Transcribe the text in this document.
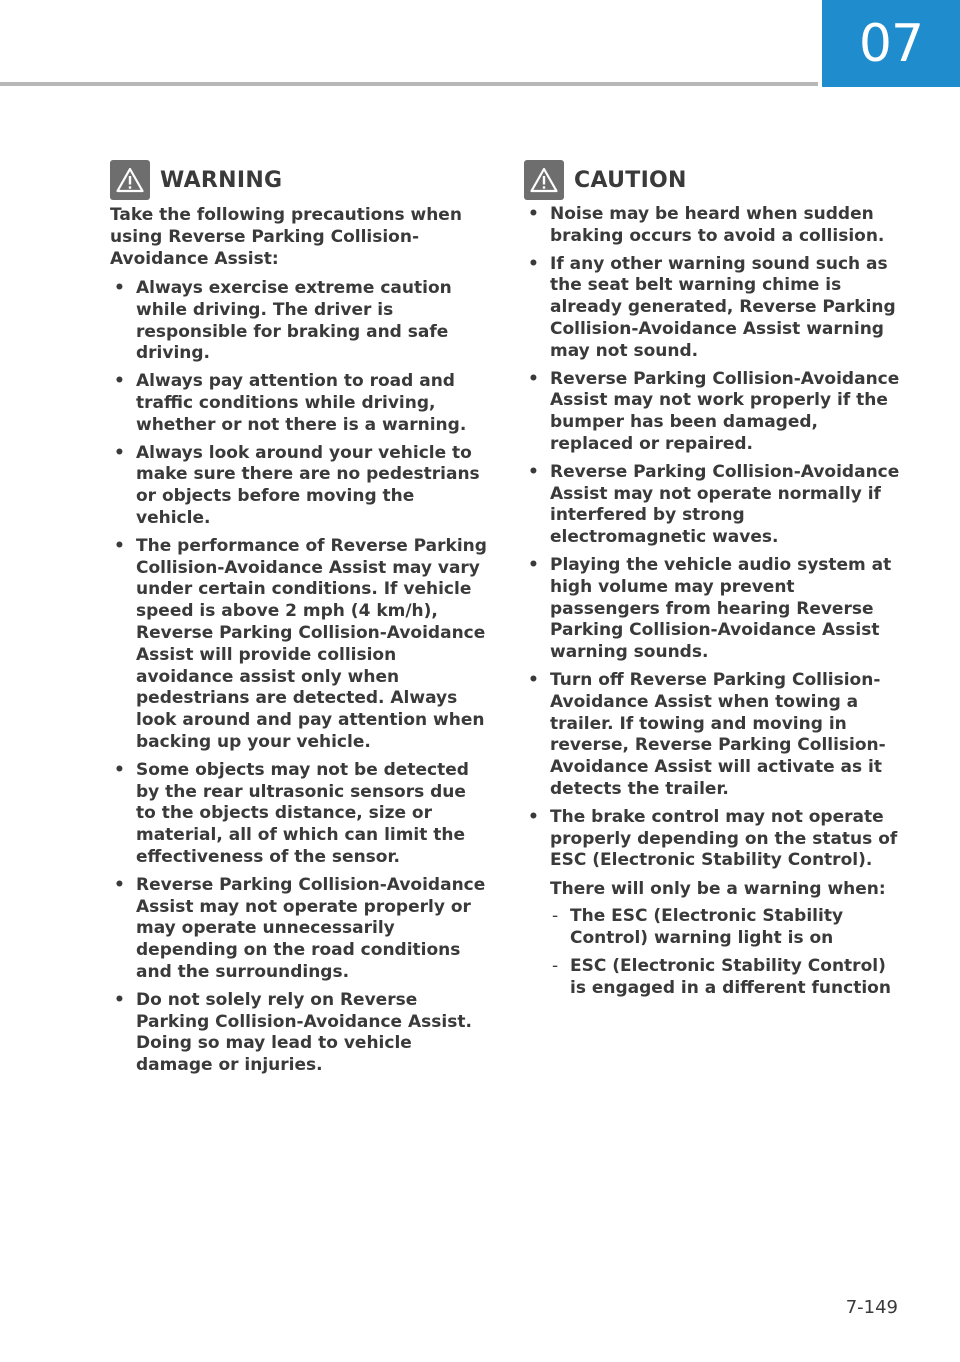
07
WARNING

Take the following precautions when using Reverse Parking Collision-Avoidance Assist:

• Always exercise extreme caution while driving. The driver is responsible for braking and safe driving.
• Always pay attention to road and traffic conditions while driving, whether or not there is a warning.
• Always look around your vehicle to make sure there are no pedestrians or objects before moving the vehicle.
• The performance of Reverse Parking Collision-Avoidance Assist may vary under certain conditions. If vehicle speed is above 2 mph (4 km/h), Reverse Parking Collision-Avoidance Assist will provide collision avoidance assist only when pedestrians are detected. Always look around and pay attention when backing up your vehicle.
• Some objects may not be detected by the rear ultrasonic sensors due to the objects distance, size or material, all of which can limit the effectiveness of the sensor.
• Reverse Parking Collision-Avoidance Assist may not operate properly or may operate unnecessarily depending on the road conditions and the surroundings.
• Do not solely rely on Reverse Parking Collision-Avoidance Assist. Doing so may lead to vehicle damage or injuries.
CAUTION
• Noise may be heard when sudden braking occurs to avoid a collision.
• If any other warning sound such as the seat belt warning chime is already generated, Reverse Parking Collision-Avoidance Assist warning may not sound.
• Reverse Parking Collision-Avoidance Assist may not work properly if the bumper has been damaged, replaced or repaired.
• Reverse Parking Collision-Avoidance Assist may not operate normally if interfered by strong electromagnetic waves.
• Playing the vehicle audio system at high volume may prevent passengers from hearing Reverse Parking Collision-Avoidance Assist warning sounds.
• Turn off Reverse Parking Collision-Avoidance Assist when towing a trailer. If towing and moving in reverse, Reverse Parking Collision-Avoidance Assist will activate as it detects the trailer.
• The brake control may not operate properly depending on the status of ESC (Electronic Stability Control).

There will only be a warning when:

- The ESC (Electronic Stability Control) warning light is on
- ESC (Electronic Stability Control) is engaged in a different function
7-149
